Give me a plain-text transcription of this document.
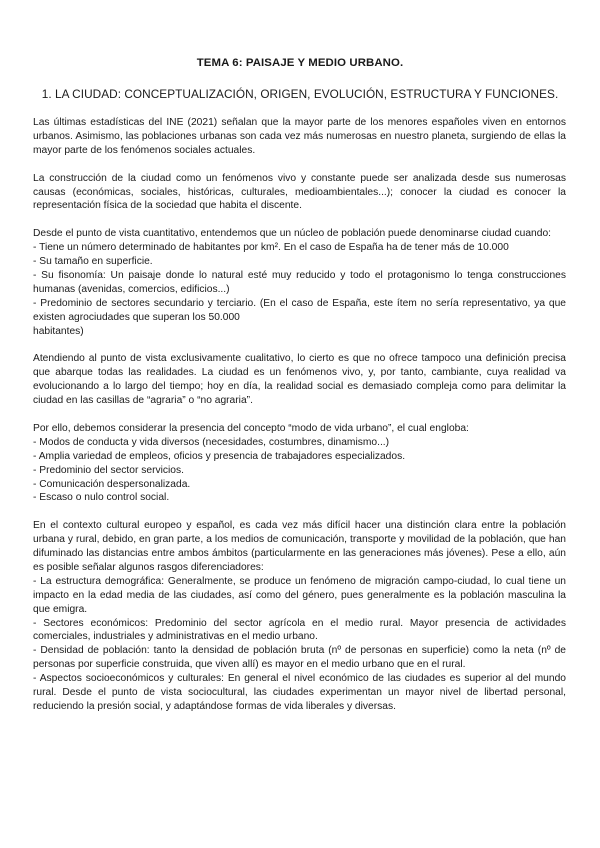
TEMA 6: PAISAJE Y MEDIO URBANO.
1. LA CIUDAD: CONCEPTUALIZACIÓN, ORIGEN, EVOLUCIÓN, ESTRUCTURA Y FUNCIONES.

Las últimas estadísticas del INE (2021) señalan que la mayor parte de los menores españoles viven en entornos urbanos. Asimismo, las poblaciones urbanas son cada vez más numerosas en nuestro planeta, surgiendo de ellas la mayor parte de los fenómenos sociales actuales.

La construcción de la ciudad como un fenómenos vivo y constante puede ser analizada desde sus numerosas causas (económicas, sociales, históricas, culturales, medioambientales...); conocer la ciudad es conocer la representación física de la sociedad que habita el discente.

Desde el punto de vista cuantitativo, entendemos que un núcleo de población puede denominarse ciudad cuando:
- Tiene un número determinado de habitantes por km². En el caso de España ha de tener más de 10.000
- Su tamaño en superficie.
- Su fisonomía: Un paisaje donde lo natural esté muy reducido y todo el protagonismo lo tenga construcciones humanas (avenidas, comercios, edificios...)
- Predominio de sectores secundario y terciario. (En el caso de España, este ítem no sería representativo, ya que existen agrociudades que superan los 50.000
habitantes)

Atendiendo al punto de vista exclusivamente cualitativo, lo cierto es que no ofrece tampoco una definición precisa que abarque todas las realidades. La ciudad es un fenómenos vivo, y, por tanto, cambiante, cuya realidad va evolucionando a lo largo del tiempo; hoy en día, la realidad social es demasiado compleja como para delimitar la ciudad en las casillas de “agraria” o “no agraria”.

Por ello, debemos considerar la presencia del concepto “modo de vida urbano”, el cual engloba:
- Modos de conducta y vida diversos (necesidades, costumbres, dinamismo...)
- Amplia variedad de empleos, oficios y presencia de trabajadores especializados.
- Predominio del sector servicios.
- Comunicación despersonalizada.
- Escaso o nulo control social.

En el contexto cultural europeo y español, es cada vez más difícil hacer una distinción clara entre la población urbana y rural, debido, en gran parte, a los medios de comunicación, transporte y movilidad de la población, que han difuminado las distancias entre ambos ámbitos (particularmente en las generaciones más jóvenes). Pese a ello, aún es posible señalar algunos rasgos diferenciadores:
- La estructura demográfica: Generalmente, se produce un fenómeno de migración campo-ciudad, lo cual tiene un impacto en la edad media de las ciudades, así como del género, pues generalmente es la población masculina la que emigra.
- Sectores económicos: Predominio del sector agrícola en el medio rural. Mayor presencia de actividades comerciales, industriales y administrativas en el medio urbano.
- Densidad de población: tanto la densidad de población bruta (nº de personas en superficie) como la neta (nº de personas por superficie construida, que viven allí) es mayor en el medio urbano que en el rural.
- Aspectos socioeconómicos y culturales: En general el nivel económico de las ciudades es superior al del mundo rural. Desde el punto de vista sociocultural, las ciudades experimentan un mayor nivel de libertad personal, reduciendo la presión social, y adaptándose formas de vida liberales y diversas.
